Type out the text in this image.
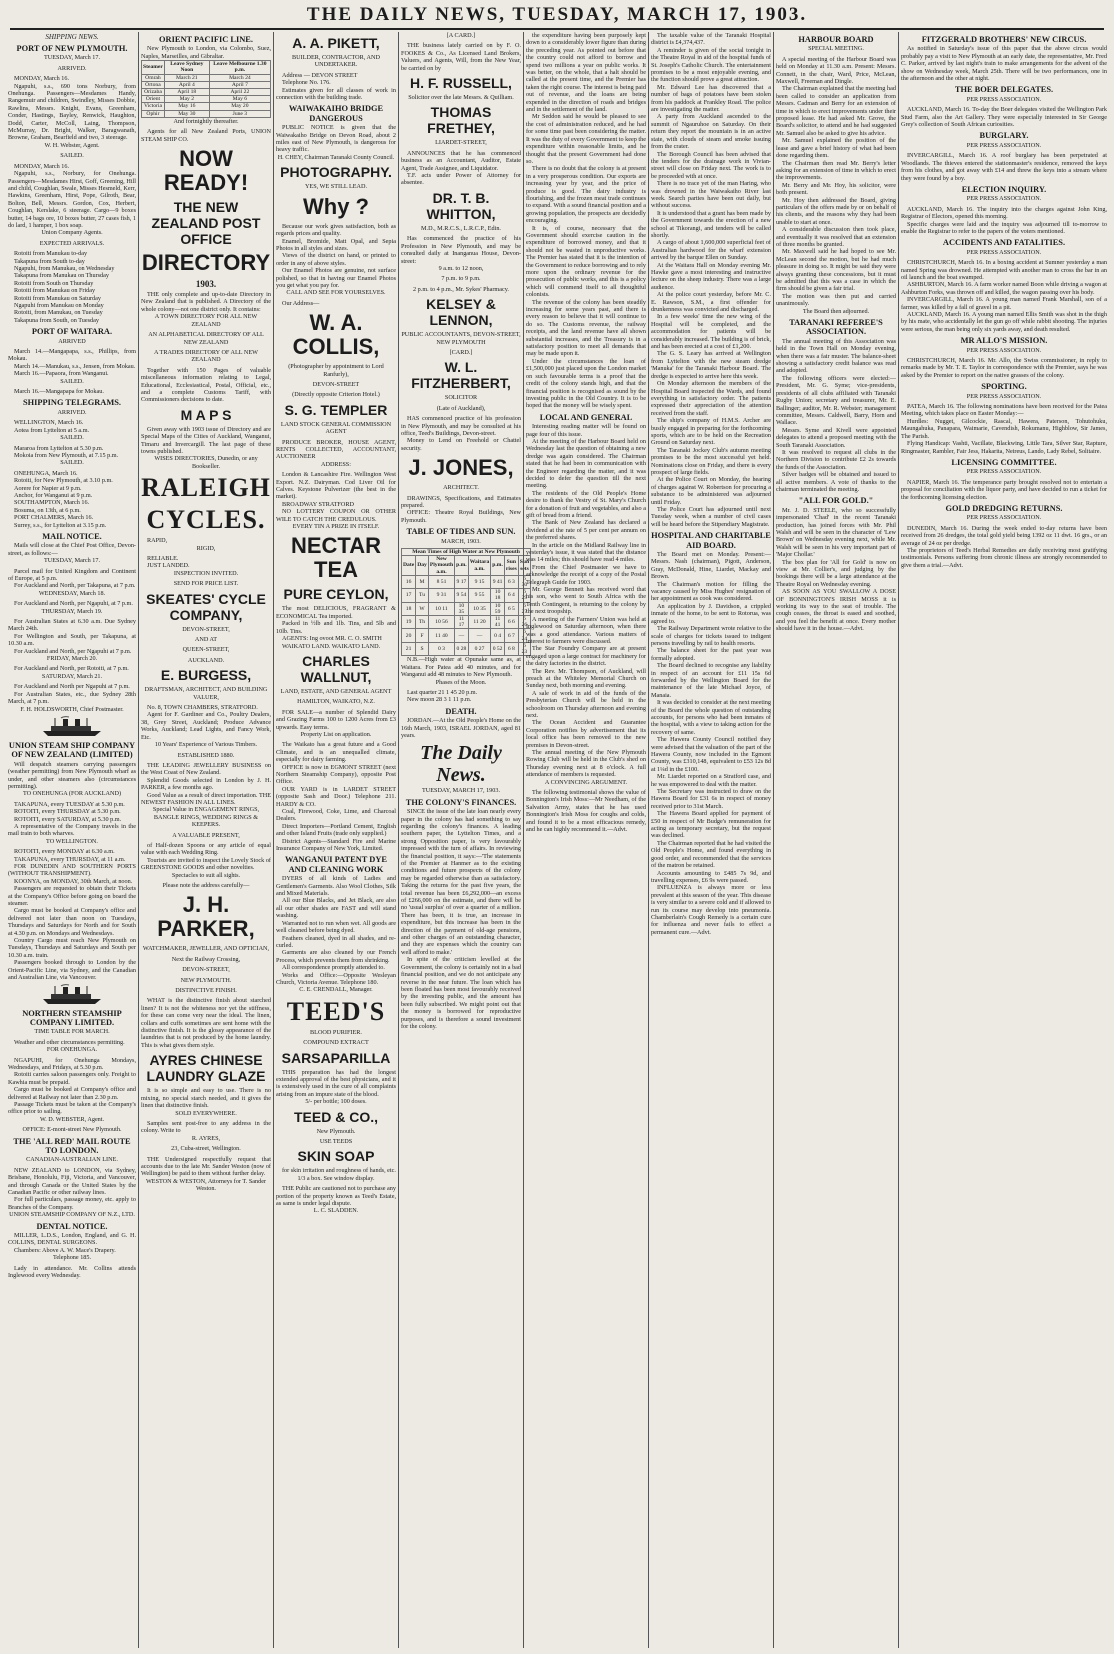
THE DAILY NEWS, TUESDAY, MARCH 17, 1903.
SHIPPING NEWS.
PORT OF NEW PLYMOUTH.
TUESDAY, March 17.
ARRIVED.
MONDAY, March 16.
Ngapuhi, s.s., 690 tons Norbury, from Onehunga. Passengers—Mesdames Handy, Rangemuir and children, Swindley, Misses Dobbie, Rawlins, Messrs. Knight, Evans, Greenham, Conder, Hastings, Bayley, Renwick, Haughton, Dodd, Carter, McColl, Laing, Thompson, McMurray, Dr. Bright, Walker, Baragwanath, Browne, Graham, Bearfield and two, 3 steerage.
W. H. Webster, Agent.
SAILED.
MONDAY, March 16.
Ngapuhi, s.s., Norbury, for Onehunga. Passengers—Mesdames Hirst, Goff, Greening, Hill and child, Coughlan, Swale, Misses Hesmeld, Kerr, Hawkins, Greenham, Hirst, Pope, Gilroth, Bear, Bolton, Bell, Messrs. Gordon, Cox, Herbert, Coughlan, Kerslake, 6 steerage. Cargo—9 boxes butter, 14 bags ore, 10 boxes butter, 27 cases fish, 1 do lard, 1 hamper, 1 box soap.
Union Company Agents.
EXPECTED ARRIVALS.
Rotoiti from Manukau to-day
Takapuna from South to-day
Ngapuhi, from Manukau, on Wednesday
Takapuna from Manukau on Thursday
Rotoiti from South on Thursday
Rotoiti from Manukau on Friday
Rotoiti from Manukau on Saturday
Ngapuhi from Manukau on Monday
Rotoiti, from Manukau, on Tuesday
Takapuna from South, on Tuesday
PORT OF WAITARA.
ARRIVED
March 14.—Mangapapa, s.s., Phillips, from Mokau.
March 14.—Manukau, s.s., Jensen, from Mokau.
March 16.—Papaora, from Wanganui.
SAILED.
March 16.—Mangapapa for Mokau.
SHIPPING TELEGRAMS.
ARRIVED.
WELLINGTON, March 16.
Aotea from Lyttelton at 5 a.m.
SAILED.
Mararoa from Lyttelton at 5.30 p.m.
Mokoia from New Plymouth, at 7.15 p.m.
SAILED.
ONEHUNGA, March 16.
Rotoiti, for New Plymouth, at 3.10 p.m.
Aorere for Napier at 9 p.m.
Anchor, for Wanganui at 9 p.m.
SOUTHAMPTON, March 16.
Bosuma, on 13th, at 6 p.m.
PORT CHALMERS, March 16.
Surrey, s.s., for Lyttelton at 3.15 p.m.
MAIL NOTICE.
Mails will close at the Chief Post Office, Devon-street, as follows:—
TUESDAY, March 17.
Parcel mail for United Kingdom and Continent of Europe, at 5 p.m.
For Auckland and North, per Takapuna, at 7 p.m.
WEDNESDAY, March 18.
For Auckland and North, per Ngapuhi, at 7 p.m.
THURSDAY, March 19.
For Australian States at 6.30 a.m. Due Sydney March 24th.
For Wellington and South, per Takapuna, at 10.30 a.m.
For Auckland and North, per Ngapuhi at 7 p.m.
FRIDAY, March 20.
For Auckland and North, per Rotoiti, at 7 p.m.
SATURDAY, March 21.
For Auckland and North per Ngapuhi at 7 p.m.
For Australian States, etc., due Sydney 28th March, at 7 p.m.
F. H. HOLDSWORTH, Chief Postmaster.
UNION STEAM SHIP COMPANY OF NEW ZEALAND (LIMITED)
Will despatch steamers carrying passengers (weather permitting) from New Plymouth wharf as under, and other steamers also (circumstances permitting).
TO ONEHUNGA (FOR AUCKLAND)
TAKAPUNA, every TUESDAY at 5.30 p.m.
ROTOITI, every THURSDAY at 5.30 p.m.
ROTOITI, every SATURDAY, at 5.30 p.m.
A representative of the Company travels in the mail train to both wharves.
TO WELLINGTON.
ROTOITI, every MONDAY at 6.30 a.m.
TAKAPUNA, every THURSDAY, at 11 a.m.
FOR DUNEDIN AND SOUTHERN PORTS (WITHOUT TRANSHIPMENT).
KOONYA, on MONDAY, 30th March, at noon.
Passengers are requested to obtain their Tickets at the Company's Office before going on board the steamer.
Cargo must be booked at Company's office and delivered not later than noon on Tuesdays, Thursdays and Saturdays for North and for South at 4.30 p.m. on Mondays and Wednesdays.
Country Cargo must reach New Plymouth on Tuesdays, Thursdays and Saturdays and South per 10.30 a.m. train.
Passengers booked through to London by the Orient-Pacific Line, via Sydney, and the Canadian and Australian Line, via Vancouver.
NORTHERN STEAMSHIP COMPANY LIMITED.
TIME TABLE FOR MARCH.
Weather and other circumstances permitting.
FOR ONEHUNGA.
NGAPUHI, for Onehunga Mondays, Wednesdays, and Fridays, at 5.30 p.m.
Rotoiti carries saloon passengers only. Freight to Kawhia must be prepaid.
Cargo must be booked at Company's office and delivered at Railway not later than 2.30 p.m.
Passage Tickets must be taken at the Company's office prior to sailing.
W. D. WEBSTER, Agent.
OFFICE: E-mont-street New Plymouth.
THE 'ALL RED' MAIL ROUTE TO LONDON.
CANADIAN-AUSTRALIAN LINE.
NEW ZEALAND to LONDON, via Sydney, Brisbane, Honolulu, Fiji, Victoria, and Vancouver, and through Canada or the United States by the Canadian Pacific or other railway lines.
For full particulars, passage money, etc. apply to Branches of the Company.
UNION STEAMSHIP COMPANY OF N.Z., LTD.
DENTAL NOTICE.
MILLER, L.D.S., London, England, and G. H. COLLINS, DENTAL SURGEONS.
Chambers: Above A. W. Mace's Drapery.
Telephone 185.
Lady in attendance. Mr. Collins attends Inglewood every Wednesday.
ORIENT PACIFIC LINE.
New Plymouth to London, via Colombo, Suez, Naples, Marseilles, and Gibraltar.
Steamer	Leave Sydney Noon	Leave Melbourne 1.30 p.m.
Omrah	March 21	March 24
Ortona	April 4	April 7
Orizaba	April 18	April 22
Orient	May 2	May 6
Victoria	May 16	May 20
Ophir	May 30	June 3
And fortnightly thereafter.
Agents for all New Zealand Ports, UNION STEAM SHIP CO.
NOW READY!
THE NEW ZEALAND POST OFFICE
DIRECTORY
1903.
THE only complete and up-to-date Directory in New Zealand that is published. A Directory of the whole colony—not one district only. It contains:
A TOWN DIRECTORY FOR ALL NEW ZEALAND
AN ALPHABETICAL DIRECTORY OF ALL NEW ZEALAND
A TRADES DIRECTORY OF ALL NEW ZEALAND
Together with 150 Pages of valuable miscellaneous information relating to Legal, Educational, Ecclesiastical, Postal, Official, etc., and a complete Customs Tariff, with Commissioners decisions to date.
M A P S
Given away with 1903 issue of Directory and are Special Maps of the Cities of Auckland, Wanganui, Timaru and Invercargill. The last page of these towns published.
WISES DIRECTORIES, Dunedin, or any Bookseller.
RALEIGH
CYCLES.
RAPID,
RIGID,
RELIABLE.
JUST LANDED.
INSPECTION INVITED.
SEND FOR PRICE LIST.
SKEATES' CYCLE COMPANY,
DEVON-STREET,
AND AT
QUEEN-STREET,
AUCKLAND.
E. BURGESS,
DRAFTSMAN, ARCHITECT, AND BUILDING VALUER,
No. 8, TOWN CHAMBERS, STRATFORD.
Agent for F. Gardiner and Co., Poultry Dealers, 38, Grey Street, Auckland; Produce Advance Works, Auckland; Lead Lights, and Fancy Work, Etc.
10 Years' Experience of Various Timbers.
ESTABLISHED 1880.
THE LEADING JEWELLERY BUSINESS on the West Coast of New Zealand.
Splendid Goods selected in London by J. H. PARKER, a few months ago.
Good Value as a result of direct importation. THE NEWEST FASHION IN ALL LINES.
Special Value in ENGAGEMENT RINGS, BANGLE RINGS, WEDDING RINGS & KEEPERS.
A VALUABLE PRESENT,
of Half-dozen Spoons or any article of equal value with each Wedding Ring.
Tourists are invited to inspect the Lovely Stock of GREENSTONE GOODS and other novelties.
Spectacles to suit all sights.
Please note the address carefully—
J. H. PARKER,
WATCHMAKER, JEWELLER, AND OPTICIAN,
Next the Railway Crossing,
DEVON-STREET,
NEW PLYMOUTH.
DISTINCTIVE FINISH.
WHAT is the distinctive finish about starched linen? It is not the whiteness nor yet the stiffness, for these can come very near the ideal. The linen, collars and cuffs sometimes are sent home with the distinctive finish. It is the glossy appearance of the laundries that is not produced by the home laundry. This is what gives them style.
AYRES CHINESE LAUNDRY GLAZE
It is so simple and easy to use. There is no mixing, no special starch needed, and it gives the linen that distinctive finish.
SOLD EVERYWHERE.
Samples sent post-free to any address in the colony. Write to
R. AYRES,
23, Cuba-street, Wellington.
THE Undersigned respectfully request that accounts due to the late Mr. Sander Weston (now of Wellington) be paid to them without further delay.
WESTON & WESTON, Attorneys for T. Sander Weston.
A. A. PIKETT,
BUILDER, CONTRACTOR, AND UNDERTAKER.
Address — DEVON STREET
Telephone No. 176.
Estimates given for all classes of work in connection with the building trade.
WAIWAKAIHO BRIDGE DANGEROUS
PUBLIC NOTICE is given that the Waiwakaiho Bridge on Devon Road, about 2 miles east of New Plymouth, is dangerous for heavy traffic.
H. CHEY, Chairman Taranaki County Council.
PHOTOGRAPHY.
YES, WE STILL LEAD.
Why ?
Because our work gives satisfaction, both as regards prices and quality.
Enamel, Bromide, Matt Opal, and Sepia Photos in all styles and sizes.
Views of the district on hand, or printed to order in any of above styles.
Our Enamel Photos are genuine, not surface polished, so that in having our Enamel Photos you get what you pay for.
CALL AND SEE FOR YOURSELVES.
Our Address—
W. A. COLLIS,
(Photographer by appointment to Lord Ranfurly),
DEVON-STREET
(Directly opposite Criterion Hotel.)
S. G. TEMPLER
LAND STOCK GENERAL COMMISSION AGENT
PRODUCE BROKER, HOUSE AGENT, RENTS COLLECTED, ACCOUNTANT, AUCTIONEER
ADDRESS:
London & Lancashire Fire. Wellington West Export. N.Z. Dairyman. Cod Liver Oil for Calves. Keystone Pulverizer (the best in the market).
BROADWAY STRATFORD
NO LOTTERY COUPON OR OTHER WILE TO CATCH THE CREDULOUS.
EVERY TIN A PRIZE IN ITSELF.
NECTAR TEA
PURE CEYLON,
The most DELICIOUS, FRAGRANT & ECONOMICAL Tea imported.
Packed in ½lb and 1lb. Tins, and 5lb and 10lb. Tins.
AGENTS: Ing ovoot MR. C. O. SMITH
WAIKATO LAND. WAIKATO LAND.
CHARLES WALLNUT,
LAND, ESTATE, AND GENERAL AGENT
HAMILTON, WAIKATO, N.Z.
FOR SALE—a number of Splendid Dairy and Grazing Farms 100 to 1200 Acres from £3 upwards. Easy terms.
Property List on application.
The Waikato has a great future and a Good Climate, and is an unequalled climate, especially for dairy farming.
OFFICE is now in EGMONT STREET (next Northern Steamship Company), opposite Post Office.
OUR YARD is in LARDET STREET (opposite Sash and Door.) Telephone 211. HARDY & CO.
Coal, Firewood, Coke, Lime, and Charcoal Dealers.
Direct Importers—Portland Cement, English and other Island Fruits (trade only supplied.)
District Agents—Standard Fire and Marine Insurance Company of New York, Limited.
WANGANUI PATENT DYE AND CLEANING WORK
DYERS of all kinds of Ladies and Gentlemen's Garments. Also Wool Clothes, Silk and Mixed Materials.
All our Blue Blacks, and Jet Black, are also all our other shades are FAST and will stand washing.
Warranted not to run when wet. All goods are well cleaned before being dyed.
Feathers cleaned, dyed in all shades, and re-curled.
Garments are also cleaned by our French Process, which prevents them from shrinking.
All correspondence promptly attended to.
Works and Office:—Opposite Wesleyan Church, Victoria Avenue. Telephone 180.
C. E. CRENDALL, Manager.
TEED'S
BLOOD PURIFIER.
COMPOUND EXTRACT
SARSAPARILLA
THIS preparation has had the longest extended approval of the best physicians, and it is extensively used in the cure of all complaints arising from an impure state of the blood.
5/- per bottle; 100 doses.
TEED & CO.,
New Plymouth.
USE TEEDS
SKIN SOAP
for skin irritation and roughness of hands, etc.
1/3 a box. See window display.
THE Public are cautioned not to purchase any portion of the property known as Teed's Estate, as same is under legal dispute.
L. C. SLADDEN.
[A CARD.]
THE business lately carried on by F. O. FOOKES & Co., As Licensed Land Brokers, Valuers, and Agents, Will, from the New Year, be carried on by
H. F. RUSSELL,
Solicitor over the late Messrs. & Quilliam.
THOMAS FRETHEY,
LIARDET-STREET,
ANNOUNCES that he has commenced business as an Accountant, Auditor, Estate Agent, Trade Assignee, and Liquidator.
T.F. acts under Power of Attorney for absentee.
DR. T. B. WHITTON,
M.D., M.R.C.S., L.R.C.P., Edin.
Has commenced the practice of his Profession in New Plymouth, and may be consulted daily at Inanganua House, Devon-street:
9 a.m. to 12 noon,
7 p.m. to 9 p.m.
2 p.m. to 4 p.m., Mr. Sykes' Pharmacy.
KELSEY & LENNON,
PUBLIC ACCOUNTANTS, DEVON-STREET, NEW PLYMOUTH
[CARD.]
W. L. FITZHERBERT,
SOLICITOR
(Late of Auckland),
HAS commenced practice of his profession in New Plymouth, and may be consulted at his office, Teed's Buildings, Devon-street.
Money to Lend on Freehold or Chattel security.
J. JONES,
ARCHITECT.
DRAWINGS, Specifications, and Estimates prepared.
OFFICE: Theatre Royal Buildings, New Plymouth.
TABLE OF TIDES AND SUN.
MARCH, 1903.
Mean Times of High Water at New Plymouth							
Date	Day	New Plymouth a.m.	p.m.	Waitara a.m.	p.m.	Sun rises	Sun sets
16	M	8 51	9 17	9 15	9 41	6 3	6 30
17	Tu	9 31	9 54	9 55	10 18	6 4	6 29
18	W	10 11	10 35	10 35	10 59	6 5	6 27
19	Th	10 56	11 17	11 20	11 41	6 6	6 26
20	F	11 40	—	—	0 4	6 7	6 24
21	S	0 3	0 28	0 27	0 52	6 8	6 23
N.B.—High water at Opunake same as, at Waitara. For Patea add 40 minutes, and for Wanganui add 48 minutes to New Plymouth.
Phases of the Moon.
Last quarter 21 1 45 20 p.m.
New moon 28 3 1 11 p.m.
DEATH.
JORDAN.—At the Old People's Home on the 16th March, 1903, ISRAEL JORDAN, aged 81 years.
The Daily News.
TUESDAY, MARCH 17, 1903.
THE COLONY'S FINANCES.
SINCE the issue of the late loan nearly every paper in the colony has had something to say regarding the colony's finances. A leading southern paper, the Lyttelton Times, and a strong Opposition paper, is very favourably impressed with the turn of affairs. In reviewing the financial position, it says:—'The statements of the Premier at Hanmer as to the existing conditions and future prospects of the colony may be regarded otherwise than as satisfactory. Taking the returns for the past five years, the total revenue has been £6,292,000—an excess of £266,000 on the estimate, and there will be no 'usual surplus' of over a quarter of a million. There has been, it is true, an increase in expenditure, but this increase has been in the direction of the payment of old-age pensions, and other charges of an outstanding character, and they are expenses which the country can well afford to make.'
In spite of the criticism levelled at the Government, the colony is certainly not in a bad financial position, and we do not anticipate any reverse in the near future. The loan which has been floated has been most favourably received by the investing public, and the amount has been fully subscribed. We might point out that the money is borrowed for reproductive purposes, and is therefore a sound investment for the colony.
the expenditure having been purposely kept down to a considerably lower figure than during the preceding year. As pointed out before that the country could not afford to borrow and spend two millions a year on public works. It was better, on the whole, that a halt should be called at the present time, and the Premier has taken the right course. The interest is being paid out of revenue, and the loans are being expended in the direction of roads and bridges and in the settlement of the land.
Mr Seddon said he would be pleased to see the cost of administration reduced, and he had for some time past been considering the matter. It was the duty of every Government to keep the expenditure within reasonable limits, and he thought that the present Government had done so.
There is no doubt that the colony is at present in a very prosperous condition. Our exports are increasing year by year, and the price of produce is good. The dairy industry is flourishing, and the frozen meat trade continues to expand. With a sound financial position and a growing population, the prospects are decidedly encouraging.
It is, of course, necessary that the Government should exercise caution in the expenditure of borrowed money, and that it should not be wasted in unproductive works. The Premier has stated that it is the intention of the Government to reduce borrowing and to rely more upon the ordinary revenue for the prosecution of public works, and this is a policy which will commend itself to all thoughtful colonists.
The revenue of the colony has been steadily increasing for some years past, and there is every reason to believe that it will continue to do so. The Customs revenue, the railway receipts, and the land revenue have all shown substantial increases, and the Treasury is in a satisfactory position to meet all demands that may be made upon it.
Under the circumstances the loan of £1,500,000 just placed upon the London market on such favourable terms is a proof that the credit of the colony stands high, and that the financial position is recognised as sound by the investing public in the Old Country. It is to be hoped that the money will be wisely spent.
LOCAL AND GENERAL
Interesting reading matter will be found on page four of this issue.
At the meeting of the Harbour Board held on Wednesday last the question of obtaining a new dredge was again considered. The Chairman stated that he had been in communication with the Engineer regarding the matter, and it was decided to defer the question till the next meeting.
The residents of the Old People's Home desire to thank the Vestry of St. Mary's Church for a donation of fruit and vegetables, and also a gift of bread from a friend.
The Bank of New Zealand has declared a dividend at the rate of 5 per cent per annum on the preferred shares.
In the article on the Midland Railway line in yesterday's issue, it was stated that the distance was 14 miles; this should have read 4 miles.
From the Chief Postmaster we have to acknowledge the receipt of a copy of the Postal Telegraph Guide for 1903.
Mr. George Bennett has received word that his son, who went to South Africa with the Tenth Contingent, is returning to the colony by the next troopship.
A meeting of the Farmers' Union was held at Inglewood on Saturday afternoon, when there was a good attendance. Various matters of interest to farmers were discussed.
The Star Foundry Company are at present engaged upon a large contract for machinery for the dairy factories in the district.
The Rev. Mr. Thompson, of Auckland, will preach at the Whiteley Memorial Church on Sunday next, both morning and evening.
A sale of work in aid of the funds of the Presbyterian Church will be held in the schoolroom on Thursday afternoon and evening next.
The Ocean Accident and Guarantee Corporation notifies by advertisement that its local office has been removed to the new premises in Devon-street.
The annual meeting of the New Plymouth Rowing Club will be held in the Club's shed on Thursday evening next at 8 o'clock. A full attendance of members is requested.
A CONVINCING ARGUMENT.
The following testimonial shows the value of Bonnington's Irish Moss:—Mr Needham, of the Salvation Army, states that he has used Bonnington's Irish Moss for coughs and colds, and found it to be a most efficacious remedy, and he can highly recommend it.—Advt.
The taxable value of the Taranaki Hospital district is £4,374,437.
A reminder is given of the social tonight in the Theatre Royal in aid of the hospital funds of St. Joseph's Catholic Church. The entertainment promises to be a most enjoyable evening, and the function should prove a great attraction.
Mr. Edward Lee has discovered that a number of bags of potatoes have been stolen from his paddock at Frankley Road. The police are investigating the matter.
A party from Auckland ascended to the summit of Ngauruhoe on Saturday. On their return they report the mountain is in an active state, with clouds of steam and smoke issuing from the crater.
The Borough Council has been advised that the tenders for the drainage work in Vivian-street will close on Friday next. The work is to be proceeded with at once.
There is no trace yet of the man Haring, who was drowned in the Waiwakaiho River last week. Search parties have been out daily, but without success.
It is understood that a grant has been made by the Government towards the erection of a new school at Tikorangi, and tenders will be called shortly.
A cargo of about 1,600,000 superficial feet of Australian hardwood for the wharf extension arrived by the barque Ellen on Sunday.
At the Waitara Hall on Monday evening Mr. Hawke gave a most interesting and instructive lecture on the sheep industry. There was a large audience.
At the police court yesterday, before Mr. C. E. Rawson, S.M., a first offender for drunkenness was convicted and discharged.
In a few weeks' time the new wing of the Hospital will be completed, and the accommodation for patients will be considerably increased. The building is of brick, and has been erected at a cost of £1,200.
The G. S. Leary has arrived at Wellington from Lyttelton with the new steam dredge 'Manuka' for the Taranaki Harbour Board. The dredge is expected to arrive here this week.
On Monday afternoon the members of the Hospital Board inspected the Wards, and found everything in satisfactory order. The patients expressed their appreciation of the attention received from the staff.
The ship's company of H.M.S. Archer are busily engaged in preparing for the forthcoming sports, which are to be held on the Recreation Ground on Saturday next.
The Taranaki Jockey Club's autumn meeting promises to be the most successful yet held. Nominations close on Friday, and there is every prospect of large fields.
At the Police Court on Monday, the hearing of charges against W. Robertson for procuring a substance to be administered was adjourned until Friday.
The Police Court has adjourned until next Tuesday week, when a number of civil cases will be heard before the Stipendiary Magistrate.
HOSPITAL AND CHARITABLE AID BOARD.
The Board met on Monday. Present:—Messrs. Nash (chairman), Pigott, Anderson, Gray, McDonald, Hine, Liardet, Mackay and Brown.
The Chairman's motion for filling the vacancy caused by Miss Hughes' resignation of her appointment as cook was considered.
An application by J. Davidson, a crippled inmate of the home, to be sent to Rotorua, was agreed to.
The Railway Department wrote relative to the scale of charges for tickets issued to indigent persons travelling by rail to health resorts.
The balance sheet for the past year was formally adopted.
The Board declined to recognise any liability in respect of an account for £11 15s 6d forwarded by the Wellington Board for the maintenance of the late Michael Joyce, of Manaia.
It was decided to consider at the next meeting of the Board the whole question of outstanding accounts, for persons who had been inmates of the hospital, with a view to taking action for the recovery of same.
The Hawera County Council notified they were advised that the valuation of the part of the Hawera County, now included in the Egmont County, was £310,148, equivalent to £53 12s 8d at 1¼d in the £100.
Mr. Liardet reported on a Stratford case, and he was empowered to deal with the matter.
The Secretary was instructed to draw on the Hawera Board for £31 6s in respect of money received prior to 31st March.
The Hawera Board applied for payment of £50 in respect of Mr Budge's remuneration for acting as temporary secretary, but the request was declined.
The Chairman reported that he had visited the Old People's Home, and found everything in good order, and recommended that the services of the matron be retained.
Accounts amounting to £485 7s 9d, and travelling expenses, £6 9s were passed.
INFLUENZA is always more or less prevalent at this season of the year. This disease is very similar to a severe cold and if allowed to run its course may develop into pneumonia. Chamberlain's Cough Remedy is a certain cure for influenza and never fails to effect a permanent cure.—Advt.
HARBOUR BOARD
SPECIAL MEETING.
A special meeting of the Harbour Board was held on Monday at 11.30 a.m. Present: Messrs. Connett, in the chair, Ward, Price, McLean, Maxwell, Freeman and Dingle.
The Chairman explained that the meeting had been called to consider an application from Messrs. Cadman and Berry for an extension of time in which to erect improvements under their proposed lease. He had asked Mr. Grove, the Board's solicitor, to attend and he had suggested Mr. Samuel also be asked to give his advice.
Mr. Samuel explained the position of the lease and gave a brief history of what had been done regarding them.
The Chairman then read Mr. Berry's letter asking for an extension of time in which to erect the improvements.
Mr. Berry and Mr. Hoy, his solicitor, were both present.
Mr. Hoy then addressed the Board, giving particulars of the offers made by or on behalf of his clients, and the reasons why they had been unable to start at once.
A considerable discussion then took place, and eventually it was resolved that an extension of three months be granted.
Mr. Maxwell said he had hoped to see Mr. McLean second the motion, but he had much pleasure in doing so. It might be said they were always granting these concessions, but it must be admitted that this was a case in which the firm should be given a fair trial.
The motion was then put and carried unanimously.
The Board then adjourned.
TARANAKI REFEREE'S ASSOCIATION.
The annual meeting of this Association was held in the Town Hall on Monday evening, when there was a fair muster. The balance-sheet showing a satisfactory credit balance was read and adopted.
The following officers were elected:—President, Mr. G. Syme; vice-presidents, presidents of all clubs affiliated with Taranaki Rugby Union; secretary and treasurer, Mr. E. Ballinger; auditor, Mr. R. Webster; management committee, Messrs. Caldwell, Barry, Horn and Wallace.
Messrs. Syme and Kivell were appointed delegates to attend a proposed meeting with the South Taranaki Association.
It was resolved to request all clubs in the Northern Division to contribute £2 2s towards the funds of the Association.
Silver badges will be obtained and issued to all active members. A vote of thanks to the chairman terminated the meeting.
"ALL FOR GOLD."
Mr. J. D. STEELE, who so successfully impersonated 'Chad' in the recent Taranaki production, has joined forces with Mr. Phil Walsh and will be seen in the character of 'Lew Brown' on Wednesday evening next, while Mr. Walsh will be seen in his very important part of 'Major Chollar.'
The box plan for 'All for Gold' is now on view at Mr. Collier's, and judging by the bookings there will be a large attendance at the Theatre Royal on Wednesday evening.
AS SOON AS YOU SWALLOW A DOSE OF BONNINGTON'S IRISH MOSS it is working its way to the seat of trouble. The cough ceases, the throat is eased and soothed, and you feel the benefit at once. Every mother should have it in the house.—Advt.
FITZGERALD BROTHERS' NEW CIRCUS.
As notified in Saturday's issue of this paper that the above circus would probably pay a visit to New Plymouth at an early date, the representative, Mr. Fred C. Parker, arrived by last night's train to make arrangements for the advent of the show on Wednesday week, March 25th. There will be two performances, one in the afternoon and the other at night.
THE BOER DELEGATES.
PER PRESS ASSOCIATION.
AUCKLAND, March 16. To-day the Boer delegates visited the Wellington Park Stud Farm, also the Art Gallery. They were especially interested in Sir George Grey's collection of South African curiosities.
BURGLARY.
PER PRESS ASSOCIATION.
INVERCARGILL, March 16. A roof burglary has been perpetrated at Woodlands. The thieves entered the stationmaster's residence, removed the keys from his clothes, and got away with £14 and threw the keys into a stream where they were found by a boy.
ELECTION INQUIRY.
PER PRESS ASSOCIATION.
AUCKLAND, March 16. The inquiry into the charges against John King, Registrar of Electors, opened this morning.
Specific charges were laid and the inquiry was adjourned till to-morrow to enable the Registrar to refer to the papers of the voters mentioned.
ACCIDENTS AND FATALITIES.
PER PRESS ASSOCIATION.
CHRISTCHURCH, March 16. In a boxing accident at Sumner yesterday a man named Spring was drowned. He attempted with another man to cross the bar in an oil launch and the boat swamped.
ASHBURTON, March 16. A farm worker named Boon while driving a wagon at Ashburton Forks, was thrown off and killed, the wagon passing over his body.
INVERCARGILL, March 16. A young man named Frank Marshall, son of a farmer, was killed by a fall of gravel in a pit.
AUCKLAND, March 16. A young man named Ellis Smith was shot in the thigh by his mate, who accidentally let the gun go off while rabbit shooting. The injuries were serious, the man being only six yards away, and death resulted.
MR ALLO'S MISSION.
PER PRESS ASSOCIATION.
CHRISTCHURCH, March 16. Mr. Allo, the Swiss commissioner, in reply to remarks made by Mr. T. E. Taylor in correspondence with the Premier, says he was asked by the Premier to report on the native grasses of the colony.
SPORTING.
PER PRESS ASSOCIATION.
PATEA, March 16. The following nominations have been received for the Patea Meeting, which takes place on Easter Monday:—
Hurdles: Nugget, Gilcockie, Rascal, Hawera, Paterson, Tohutohuku, Maungahuka, Panapara, Waimarie, Cavendish, Rokumanu, Highblow, Sir James, The Parish.
Flying Handicap: Vashti, Vacillate, Blackwing, Little Tara, Silver Star, Rapture, Ringmaster, Rambler, Fair Jess, Hakarita, Neireus, Lando, Lady Rebel, Solitaire.
LICENSING COMMITTEE.
PER PRESS ASSOCIATION.
NAPIER, March 16. The temperance party brought resolved not to entertain a proposal for conciliation with the liquor party, and have decided to run a ticket for the forthcoming licensing election.
GOLD DREDGING RETURNS.
PER PRESS ASSOCIATION.
DUNEDIN, March 16. During the week ended to-day returns have been received from 26 dredges, the total gold yield being 1392 oz 11 dwt. 16 grs., or an average of 24 oz per dredge.
The proprietors of Teed's Herbal Remedies are daily receiving most gratifying testimonials. Persons suffering from chronic illness are strongly recommended to give them a trial.—Advt.
